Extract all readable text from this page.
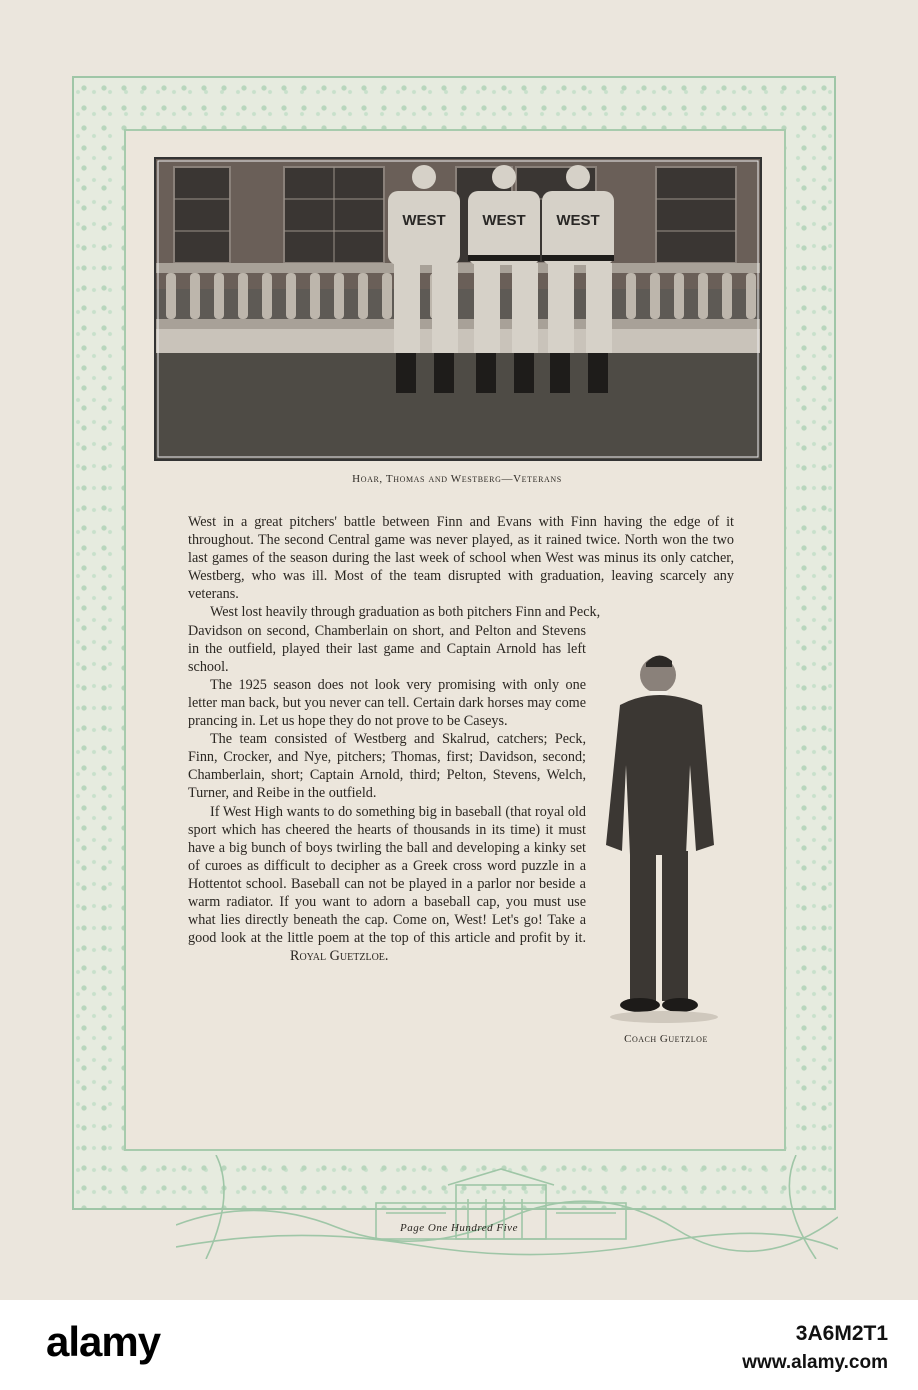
WEST WEST WEST
Hoar, Thomas and Westberg—Veterans

West in a great pitchers' battle between Finn and Evans with Finn having the edge of it throughout. The second Central game was never played, as it rained twice. North won the two last games of the season during the last week of school when West was minus its only catcher, Westberg, who was ill. Most of the team disrupted with graduation, leaving scarcely any veterans.

West lost heavily through graduation as both pitchers Finn and Peck,

Davidson on second, Chamberlain on short, and Pelton and Stevens in the outfield, played their last game and Captain Arnold has left school.

The 1925 season does not look very promising with only one letter man back, but you never can tell. Certain dark horses may come prancing in. Let us hope they do not prove to be Caseys.

The team consisted of Westberg and Skalrud, catchers; Peck, Finn, Crocker, and Nye, pitchers; Thomas, first; Davidson, second; Chamberlain, short; Captain Arnold, third; Pelton, Stevens, Welch, Turner, and Reibe in the outfield.

If West High wants to do something big in baseball (that royal old sport which has cheered the hearts of thousands in its time) it must have a big bunch of boys twirling the ball and developing a kinky set of curoes as difficult to decipher as a Greek cross word puzzle in a Hottentot school. Baseball can not be played in a parlor nor beside a warm radiator. If you want to adorn a baseball cap, you must use what lies directly beneath the cap. Come on, West! Let's go! Take a good look at the little poem at the top of this article and profit by it. Royal Guetzloe.

Coach Guetzloe
Page One Hundred Five
alamy	3A6M2T1
www.alamy.com
